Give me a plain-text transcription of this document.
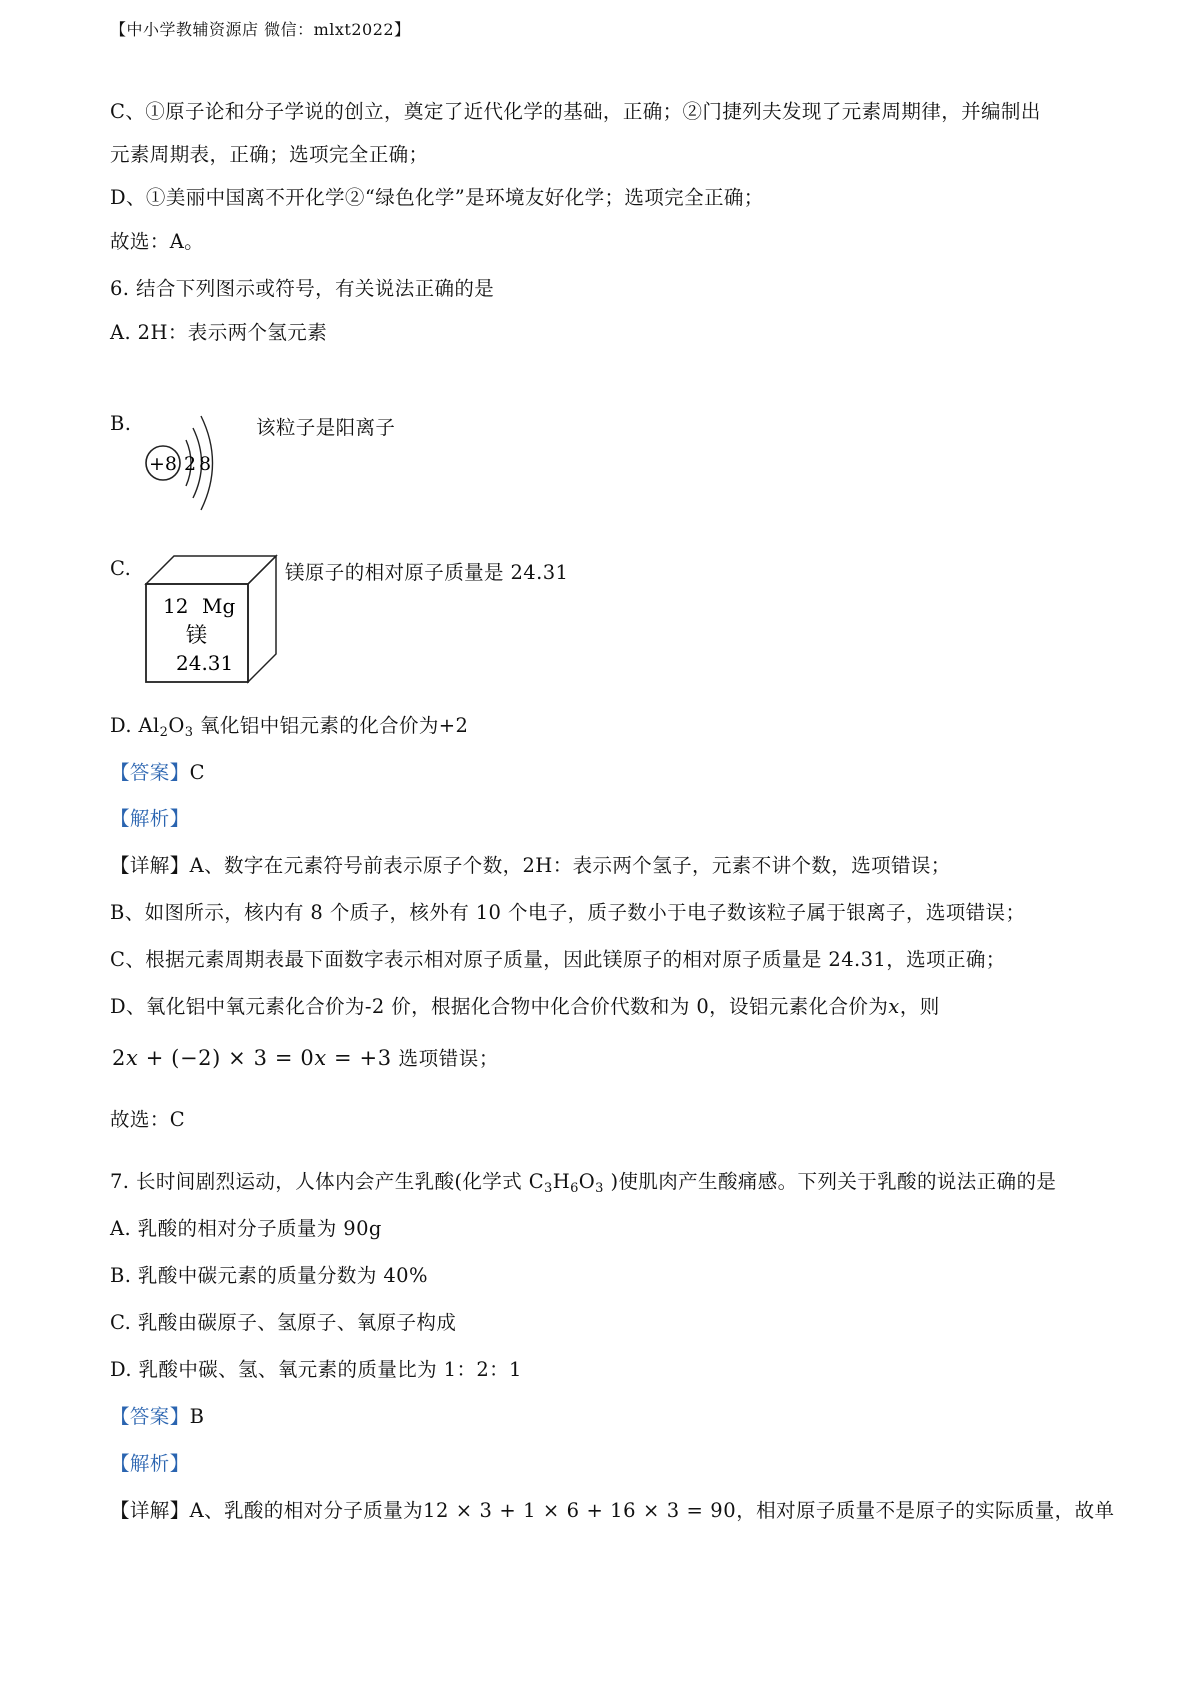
【中小学教辅资源店 微信：mlxt2022】
C、①原子论和分子学说的创立，奠定了近代化学的基础，正确；②门捷列夫发现了元素周期律，并编制出
元素周期表，正确；选项完全正确；
D、①美丽中国离不开化学②“绿色化学”是环境友好化学；选项完全正确；
故选：A。
6. 结合下列图示或符号，有关说法正确的是
A. 2H：表示两个氢元素
B.
+8 2 8
该粒子是阳离子
C.
12 Mg
镁
24.31
镁原子的相对原子质量是 24.31
D. $Al_2O_3$ 氧化铝中铝元素的化合价为+2
【答案】C
【解析】
【详解】A、数字在元素符号前表示原子个数，2H：表示两个氢子，元素不讲个数，选项错误；
B、如图所示，核内有 8 个质子，核外有 10 个电子，质子数小于电子数该粒子属于银离子，选项错误；
C、根据元素周期表最下面数字表示相对原子质量，因此镁原子的相对原子质量是 24.31，选项正确；
D、氧化铝中氧元素化合价为-2 价，根据化合物中化合价代数和为 0，设铝元素化合价为x，则
2x + (−2) × 3 = 0x = +3 选项错误；
故选：C
7. 长时间剧烈运动，人体内会产生乳酸(化学式 $C_3H_6O_3$ )使肌肉产生酸痛感。下列关于乳酸的说法正确的是
A. 乳酸的相对分子质量为 90g
B. 乳酸中碳元素的质量分数为 40%
C. 乳酸由碳原子、氢原子、氧原子构成
D. 乳酸中碳、氢、氧元素的质量比为 1：2：1
【答案】B
【解析】
【详解】A、乳酸的相对分子质量为12 × 3 + 1 × 6 + 16 × 3 = 90，相对原子质量不是原子的实际质量，故单
